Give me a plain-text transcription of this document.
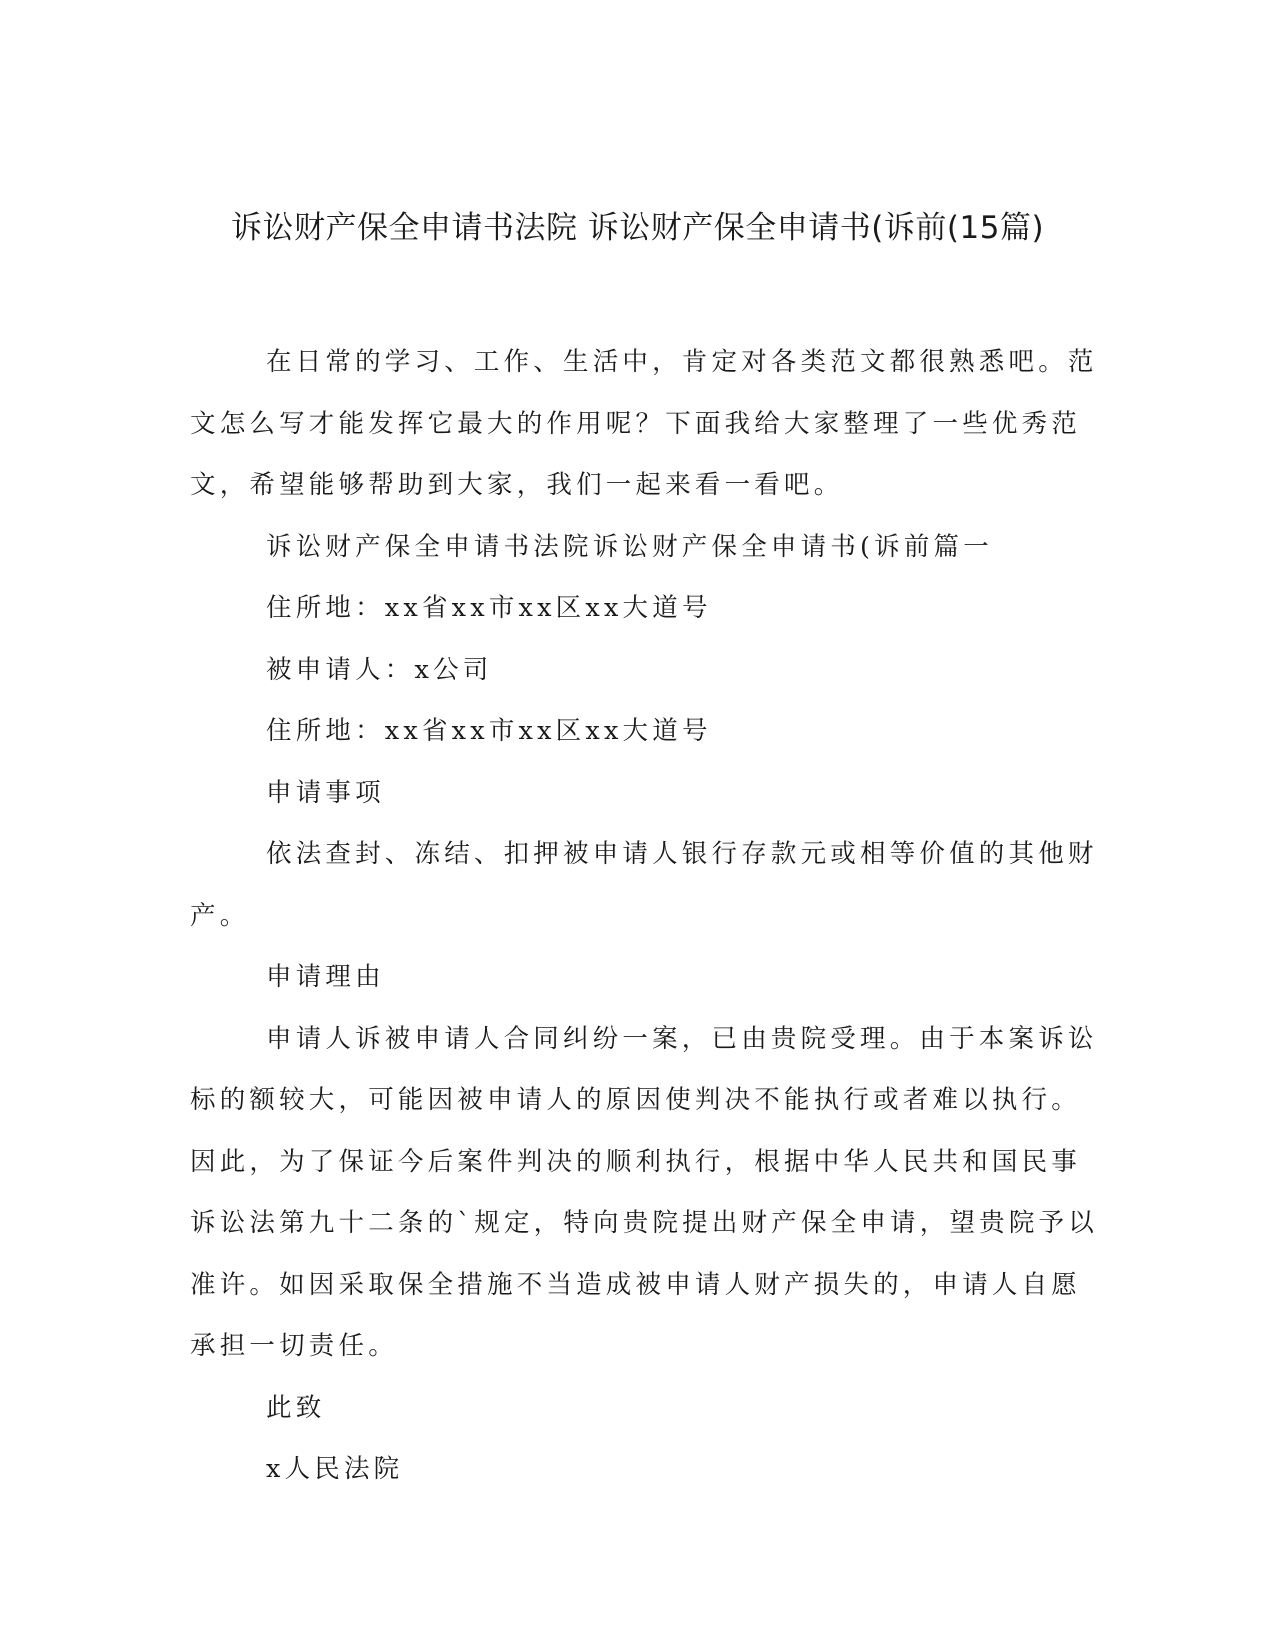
诉讼财产保全申请书法院 诉讼财产保全申请书(诉前(15篇)
在日常的学习、工作、生活中，肯定对各类范文都很熟悉吧。范
文怎么写才能发挥它最大的作用呢？下面我给大家整理了一些优秀范
文，希望能够帮助到大家，我们一起来看一看吧。
诉讼财产保全申请书法院诉讼财产保全申请书(诉前篇一
住所地：xx省xx市xx区xx大道号
被申请人：x公司
住所地：xx省xx市xx区xx大道号
申请事项
依法查封、冻结、扣押被申请人银行存款元或相等价值的其他财
产。
申请理由
申请人诉被申请人合同纠纷一案，已由贵院受理。由于本案诉讼
标的额较大，可能因被申请人的原因使判决不能执行或者难以执行。
因此，为了保证今后案件判决的顺利执行，根据中华人民共和国民事
诉讼法第九十二条的`规定，特向贵院提出财产保全申请，望贵院予以
准许。如因采取保全措施不当造成被申请人财产损失的，申请人自愿
承担一切责任。
此致
x人民法院
